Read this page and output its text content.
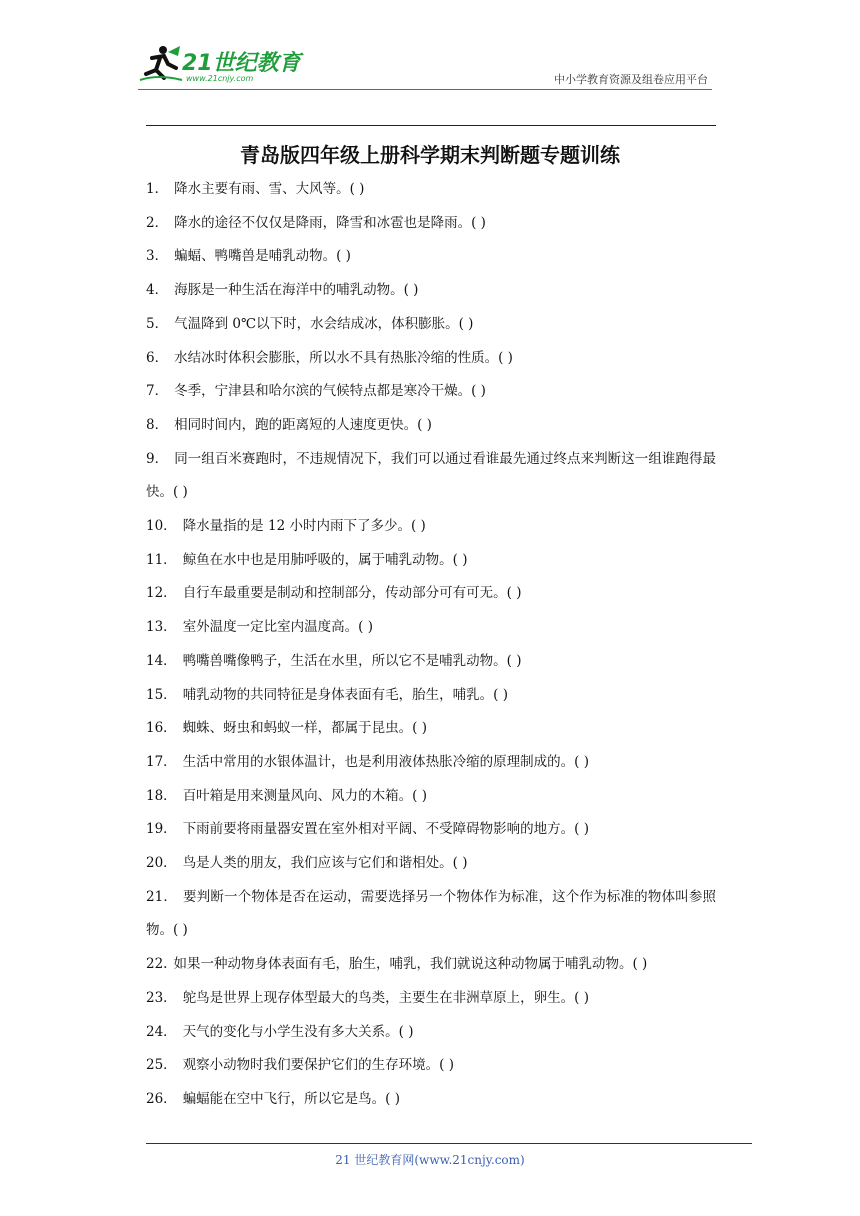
21世纪教育
www.21cnjy.com	中小学教育资源及组卷应用平台
青岛版四年级上册科学期末判断题专题训练
1． 降水主要有雨、雪、大风等。( )
2． 降水的途径不仅仅是降雨，降雪和冰雹也是降雨。( )
3． 蝙蝠、鸭嘴兽是哺乳动物。( )
4． 海豚是一种生活在海洋中的哺乳动物。( )
5． 气温降到 0℃以下时，水会结成冰，体积膨胀。( )
6． 水结冰时体积会膨胀，所以水不具有热胀冷缩的性质。( )
7． 冬季，宁津县和哈尔滨的气候特点都是寒冷干燥。( )
8． 相同时间内，跑的距离短的人速度更快。( )
9． 同一组百米赛跑时，不违规情况下，我们可以通过看谁最先通过终点来判断这一组谁跑得最快。( )
10． 降水量指的是 12 小时内雨下了多少。( )
11． 鲸鱼在水中也是用肺呼吸的，属于哺乳动物。( )
12． 自行车最重要是制动和控制部分，传动部分可有可无。( )
13． 室外温度一定比室内温度高。( )
14． 鸭嘴兽嘴像鸭子，生活在水里，所以它不是哺乳动物。( )
15． 哺乳动物的共同特征是身体表面有毛，胎生，哺乳。( )
16． 蜘蛛、蚜虫和蚂蚁一样，都属于昆虫。( )
17． 生活中常用的水银体温计，也是利用液体热胀冷缩的原理制成的。( )
18． 百叶箱是用来测量风向、风力的木箱。( )
19． 下雨前要将雨量器安置在室外相对平阔、不受障碍物影响的地方。( )
20． 鸟是人类的朋友，我们应该与它们和谐相处。( )
21． 要判断一个物体是否在运动，需要选择另一个物体作为标准，这个作为标准的物体叫参照物。( )
22. 如果一种动物身体表面有毛，胎生，哺乳，我们就说这种动物属于哺乳动物。( )
23． 鸵鸟是世界上现存体型最大的鸟类，主要生在非洲草原上，卵生。( )
24． 天气的变化与小学生没有多大关系。( )
25． 观察小动物时我们要保护它们的生存环境。( )
26． 蝙蝠能在空中飞行，所以它是鸟。( )
21 世纪教育网(www.21cnjy.com)
